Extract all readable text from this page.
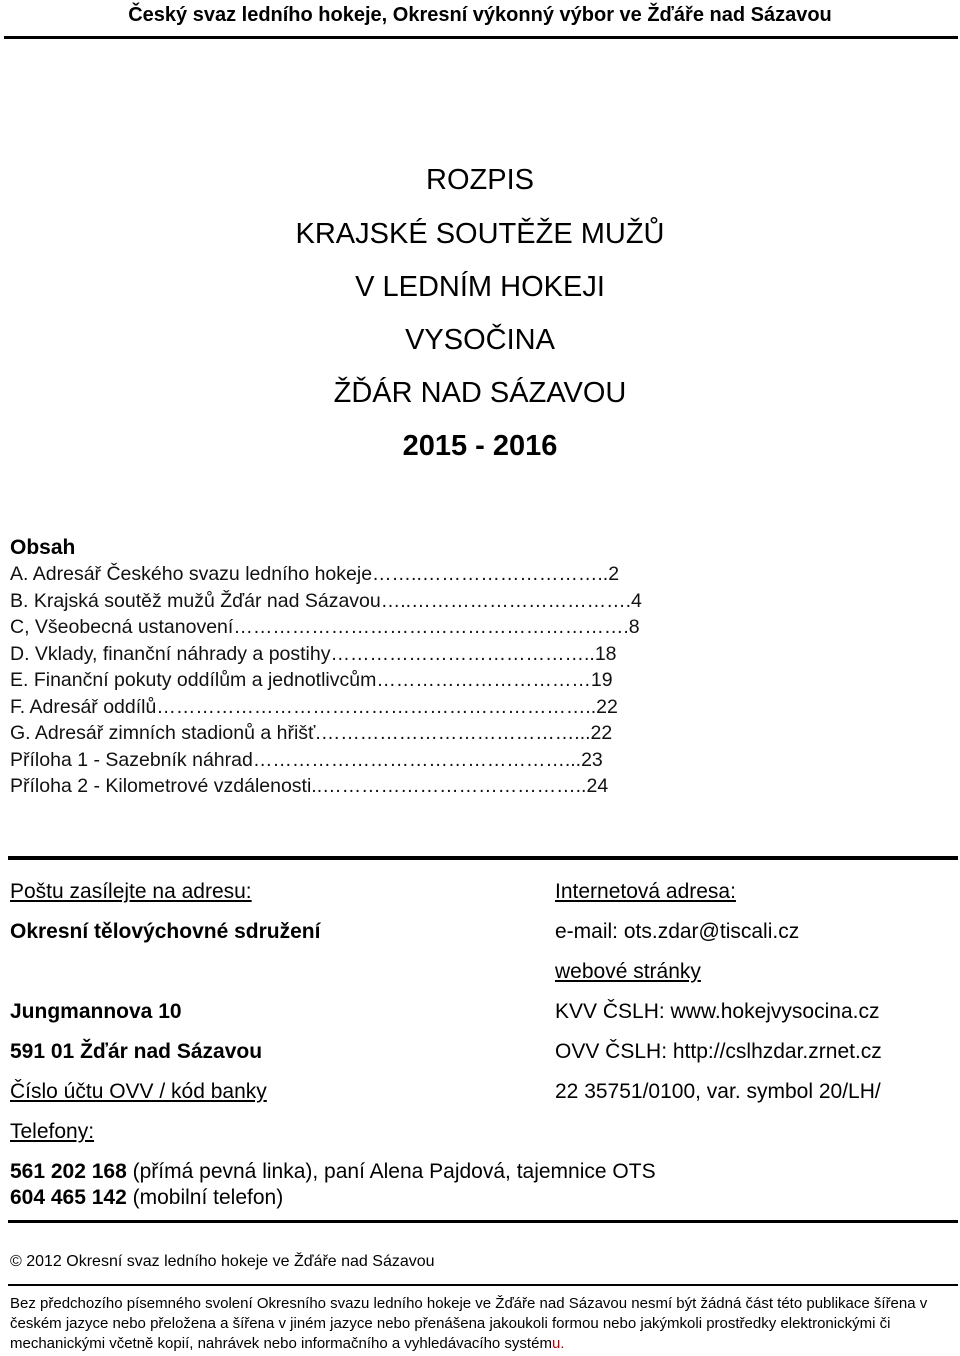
Český svaz ledního hokeje, Okresní výkonný výbor ve Žďáře nad Sázavou
ROZPIS
KRAJSKÉ SOUTĚŽE MUŽŮ
V LEDNÍM HOKEJI
VYSOČINA
ŽĎÁR NAD SÁZAVOU
2015 - 2016
Obsah
A. Adresář Českého svazu ledního hokeje……..………………………..2
B. Krajská soutěž mužů Žďár nad Sázavou…..…………………………….4
C, Všeobecná ustanovení…………………………………………………….8
D. Vklady, finanční náhrady a postihy…………………………………..18
E. Finanční pokuty oddílům a jednotlivcům……………………………19
F. Adresář oddílů…………………………………………………………..22
G. Adresář zimních stadionů a hřišť.…………………………………...22
Příloha 1 - Sazebník náhrad…………………………………………...23
Příloha 2 - Kilometrové vzdálenosti..…………………………………..24
Poštu zasílejte na adresu:
Okresní tělovýchovné sdružení
Jungmannova 10
591 01 Žďár nad Sázavou
Číslo účtu OVV / kód banky
Telefony:
Internetová adresa:
e-mail: ots.zdar@tiscali.cz
webové stránky
KVV ČSLH: www.hokejvysocina.cz
OVV ČSLH: http://cslhzdar.zrnet.cz
22 35751/0100, var. symbol 20/LH/
561 202 168 (přímá pevná linka), paní Alena Pajdová, tajemnice OTS
604 465 142 (mobilní telefon)
© 2012 Okresní svaz ledního hokeje ve Žďáře nad Sázavou
Bez předchozího písemného svolení Okresního svazu ledního hokeje ve Žďáře nad Sázavou nesmí být žádná část této publikace šířena v českém jazyce nebo přeložena a šířena v jiném jazyce nebo přenášena jakoukoli formou nebo jakýmkoli prostředky elektronickými či mechanickými včetně kopií, nahrávek nebo informačního a vyhledávacího systému.
